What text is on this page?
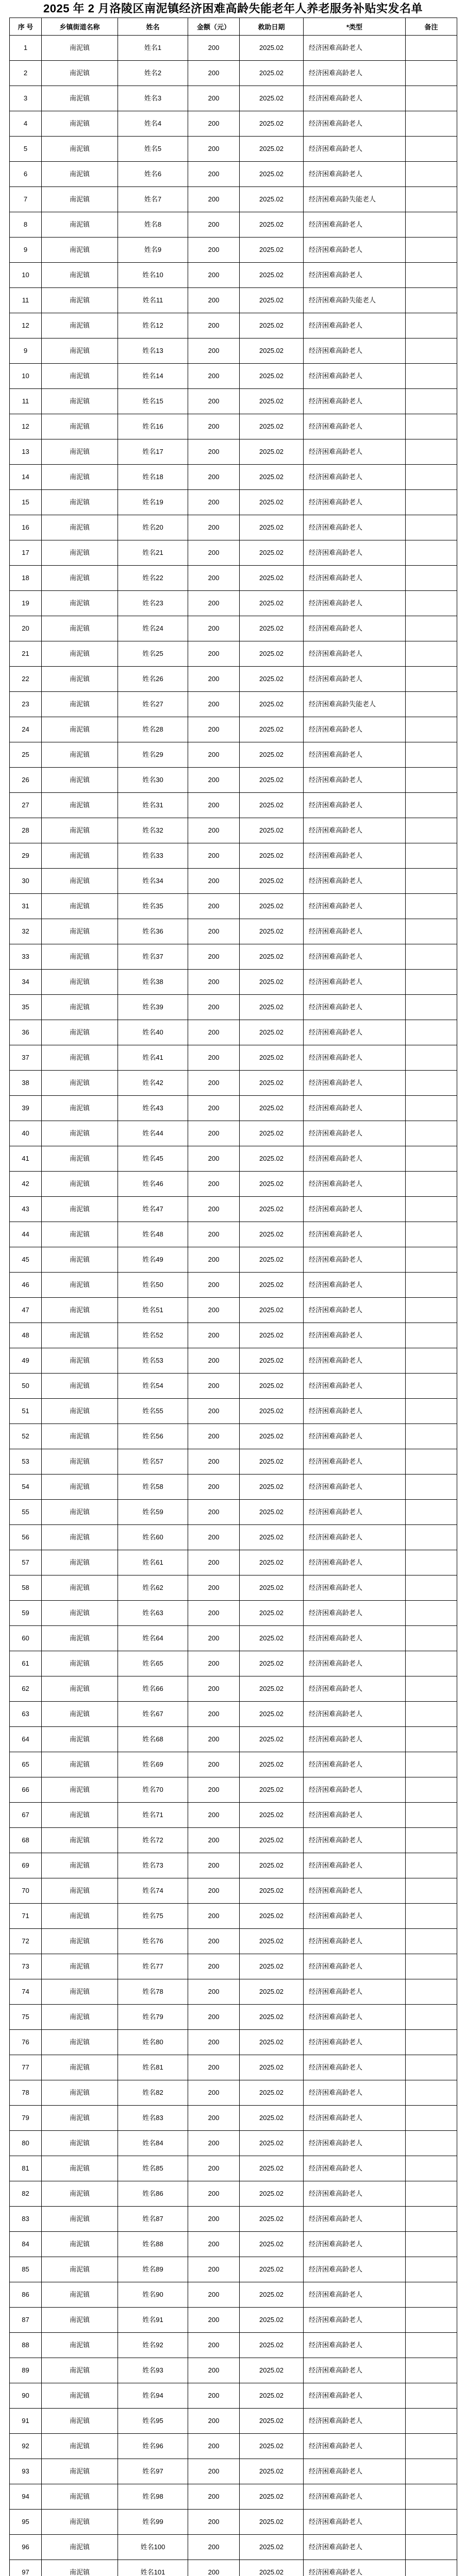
2025 年 2 月洛陵区南泥镇经济困难高龄失能老年人养老服务补贴实发名单
序 号	乡镇街道名称	姓名	金额（元）	救助日期	*类型	备注
1	南泥镇	姓名1	200	2025.02	经济困难高龄老人	
2	南泥镇	姓名2	200	2025.02	经济困难高龄老人	
3	南泥镇	姓名3	200	2025.02	经济困难高龄老人	
4	南泥镇	姓名4	200	2025.02	经济困难高龄老人	
5	南泥镇	姓名5	200	2025.02	经济困难高龄老人	
6	南泥镇	姓名6	200	2025.02	经济困难高龄老人	
7	南泥镇	姓名7	200	2025.02	经济困难高龄失能老人	
8	南泥镇	姓名8	200	2025.02	经济困难高龄老人	
9	南泥镇	姓名9	200	2025.02	经济困难高龄老人	
10	南泥镇	姓名10	200	2025.02	经济困难高龄老人	
11	南泥镇	姓名11	200	2025.02	经济困难高龄失能老人	
12	南泥镇	姓名12	200	2025.02	经济困难高龄老人	
9	南泥镇	姓名13	200	2025.02	经济困难高龄老人	
10	南泥镇	姓名14	200	2025.02	经济困难高龄老人	
11	南泥镇	姓名15	200	2025.02	经济困难高龄老人	
12	南泥镇	姓名16	200	2025.02	经济困难高龄老人	
13	南泥镇	姓名17	200	2025.02	经济困难高龄老人	
14	南泥镇	姓名18	200	2025.02	经济困难高龄老人	
15	南泥镇	姓名19	200	2025.02	经济困难高龄老人	
16	南泥镇	姓名20	200	2025.02	经济困难高龄老人	
17	南泥镇	姓名21	200	2025.02	经济困难高龄老人	
18	南泥镇	姓名22	200	2025.02	经济困难高龄老人	
19	南泥镇	姓名23	200	2025.02	经济困难高龄老人	
20	南泥镇	姓名24	200	2025.02	经济困难高龄老人	
21	南泥镇	姓名25	200	2025.02	经济困难高龄老人	
22	南泥镇	姓名26	200	2025.02	经济困难高龄老人	
23	南泥镇	姓名27	200	2025.02	经济困难高龄失能老人	
24	南泥镇	姓名28	200	2025.02	经济困难高龄老人	
25	南泥镇	姓名29	200	2025.02	经济困难高龄老人	
26	南泥镇	姓名30	200	2025.02	经济困难高龄老人	
27	南泥镇	姓名31	200	2025.02	经济困难高龄老人	
28	南泥镇	姓名32	200	2025.02	经济困难高龄老人	
29	南泥镇	姓名33	200	2025.02	经济困难高龄老人	
30	南泥镇	姓名34	200	2025.02	经济困难高龄老人	
31	南泥镇	姓名35	200	2025.02	经济困难高龄老人	
32	南泥镇	姓名36	200	2025.02	经济困难高龄老人	
33	南泥镇	姓名37	200	2025.02	经济困难高龄老人	
34	南泥镇	姓名38	200	2025.02	经济困难高龄老人	
35	南泥镇	姓名39	200	2025.02	经济困难高龄老人	
36	南泥镇	姓名40	200	2025.02	经济困难高龄老人	
37	南泥镇	姓名41	200	2025.02	经济困难高龄老人	
38	南泥镇	姓名42	200	2025.02	经济困难高龄老人	
39	南泥镇	姓名43	200	2025.02	经济困难高龄老人	
40	南泥镇	姓名44	200	2025.02	经济困难高龄老人	
41	南泥镇	姓名45	200	2025.02	经济困难高龄老人	
42	南泥镇	姓名46	200	2025.02	经济困难高龄老人	
43	南泥镇	姓名47	200	2025.02	经济困难高龄老人	
44	南泥镇	姓名48	200	2025.02	经济困难高龄老人	
45	南泥镇	姓名49	200	2025.02	经济困难高龄老人	
46	南泥镇	姓名50	200	2025.02	经济困难高龄老人	
47	南泥镇	姓名51	200	2025.02	经济困难高龄老人	
48	南泥镇	姓名52	200	2025.02	经济困难高龄老人	
49	南泥镇	姓名53	200	2025.02	经济困难高龄老人	
50	南泥镇	姓名54	200	2025.02	经济困难高龄老人	
51	南泥镇	姓名55	200	2025.02	经济困难高龄老人	
52	南泥镇	姓名56	200	2025.02	经济困难高龄老人	
53	南泥镇	姓名57	200	2025.02	经济困难高龄老人	
54	南泥镇	姓名58	200	2025.02	经济困难高龄老人	
55	南泥镇	姓名59	200	2025.02	经济困难高龄老人	
56	南泥镇	姓名60	200	2025.02	经济困难高龄老人	
57	南泥镇	姓名61	200	2025.02	经济困难高龄老人	
58	南泥镇	姓名62	200	2025.02	经济困难高龄老人	
59	南泥镇	姓名63	200	2025.02	经济困难高龄老人	
60	南泥镇	姓名64	200	2025.02	经济困难高龄老人	
61	南泥镇	姓名65	200	2025.02	经济困难高龄老人	
62	南泥镇	姓名66	200	2025.02	经济困难高龄老人	
63	南泥镇	姓名67	200	2025.02	经济困难高龄老人	
64	南泥镇	姓名68	200	2025.02	经济困难高龄老人	
65	南泥镇	姓名69	200	2025.02	经济困难高龄老人	
66	南泥镇	姓名70	200	2025.02	经济困难高龄老人	
67	南泥镇	姓名71	200	2025.02	经济困难高龄老人	
68	南泥镇	姓名72	200	2025.02	经济困难高龄老人	
69	南泥镇	姓名73	200	2025.02	经济困难高龄老人	
70	南泥镇	姓名74	200	2025.02	经济困难高龄老人	
71	南泥镇	姓名75	200	2025.02	经济困难高龄老人	
72	南泥镇	姓名76	200	2025.02	经济困难高龄老人	
73	南泥镇	姓名77	200	2025.02	经济困难高龄老人	
74	南泥镇	姓名78	200	2025.02	经济困难高龄老人	
75	南泥镇	姓名79	200	2025.02	经济困难高龄老人	
76	南泥镇	姓名80	200	2025.02	经济困难高龄老人	
77	南泥镇	姓名81	200	2025.02	经济困难高龄老人	
78	南泥镇	姓名82	200	2025.02	经济困难高龄老人	
79	南泥镇	姓名83	200	2025.02	经济困难高龄老人	
80	南泥镇	姓名84	200	2025.02	经济困难高龄老人	
81	南泥镇	姓名85	200	2025.02	经济困难高龄老人	
82	南泥镇	姓名86	200	2025.02	经济困难高龄老人	
83	南泥镇	姓名87	200	2025.02	经济困难高龄老人	
84	南泥镇	姓名88	200	2025.02	经济困难高龄老人	
85	南泥镇	姓名89	200	2025.02	经济困难高龄老人	
86	南泥镇	姓名90	200	2025.02	经济困难高龄老人	
87	南泥镇	姓名91	200	2025.02	经济困难高龄老人	
88	南泥镇	姓名92	200	2025.02	经济困难高龄老人	
89	南泥镇	姓名93	200	2025.02	经济困难高龄老人	
90	南泥镇	姓名94	200	2025.02	经济困难高龄老人	
91	南泥镇	姓名95	200	2025.02	经济困难高龄老人	
92	南泥镇	姓名96	200	2025.02	经济困难高龄老人	
93	南泥镇	姓名97	200	2025.02	经济困难高龄老人	
94	南泥镇	姓名98	200	2025.02	经济困难高龄老人	
95	南泥镇	姓名99	200	2025.02	经济困难高龄老人	
96	南泥镇	姓名100	200	2025.02	经济困难高龄老人	
97	南泥镇	姓名101	200	2025.02	经济困难高龄老人	
